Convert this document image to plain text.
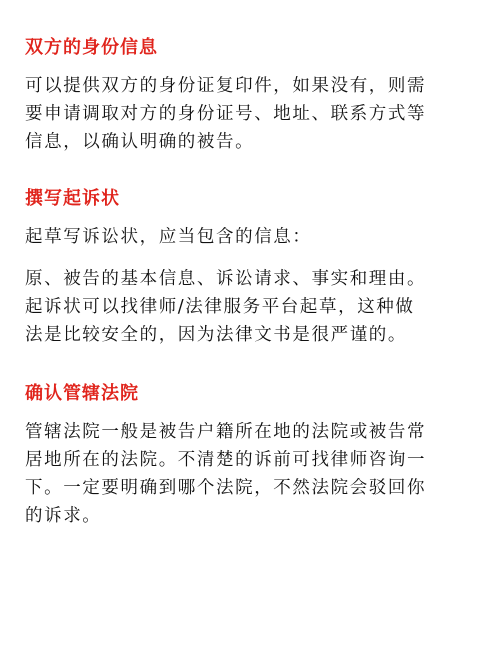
双方的身份信息

可以提供双方的身份证复印件，如果没有，则需
要申请调取对方的身份证号、地址、联系方式等
信息，以确认明确的被告。

撰写起诉状

起草写诉讼状，应当包含的信息：

原、被告的基本信息、诉讼请求、事实和理由。
起诉状可以找律师/法律服务平台起草，这种做
法是比较安全的，因为法律文书是很严谨的。

确认管辖法院

管辖法院一般是被告户籍所在地的法院或被告常
居地所在的法院。不清楚的诉前可找律师咨询一
下。一定要明确到哪个法院，不然法院会驳回你
的诉求。
